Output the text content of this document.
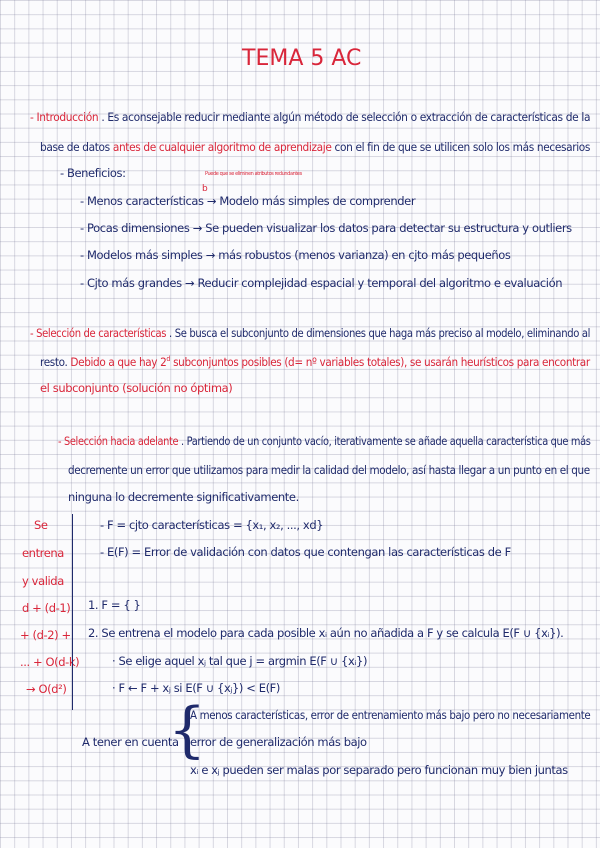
TEMA 5 AC
- Introducción . Es aconsejable reducir mediante algún método de selección o extracción de características de la
base de datos antes de cualquier algoritmo de aprendizaje con el fin de que se utilicen solo los más necesarios
- Beneficios:	Puede que se eliminen atributos redundantes
b
- Menos características → Modelo más simples de comprender
- Pocas dimensiones → Se pueden visualizar los datos para detectar su estructura y outliers
- Modelos más simples → más robustos (menos varianza) en cjto más pequeños
- Cjto más grandes → Reducir complejidad espacial y temporal del algoritmo e evaluación
- Selección de características . Se busca el subconjunto de dimensiones que haga más preciso al modelo, eliminando al
resto. Debido a que hay 2$^d$ subconjuntos posibles (d= nº variables totales), se usarán heurísticos para encontrar
el subconjunto (solución no óptima)
- Selección hacia adelante . Partiendo de un conjunto vacío, iterativamente se añade aquella característica que más
decremente un error que utilizamos para medir la calidad del modelo, así hasta llegar a un punto en el que
ninguna lo decremente significativamente.
- F = cjto características = {x₁, x₂, ..., xd}
- E(F) = Error de validación con datos que contengan las características de F
Se
entrena
y valida
d + (d-1)
+ (d-2) +
... + O(d-k)
→ O(d²)
1. F = { }
2. Se entrena el modelo para cada posible xᵢ aún no añadida a F y se calcula E(F ∪ {xᵢ}).
· Se elige aquel xⱼ tal que j = argmin E(F ∪ {xᵢ})
· F ← F + xⱼ si E(F ∪ {xⱼ}) < E(F)
A tener en cuenta
{
A menos características, error de entrenamiento más bajo pero no necesariamente
error de generalización más bajo
xᵢ e xⱼ pueden ser malas por separado pero funcionan muy bien juntas
